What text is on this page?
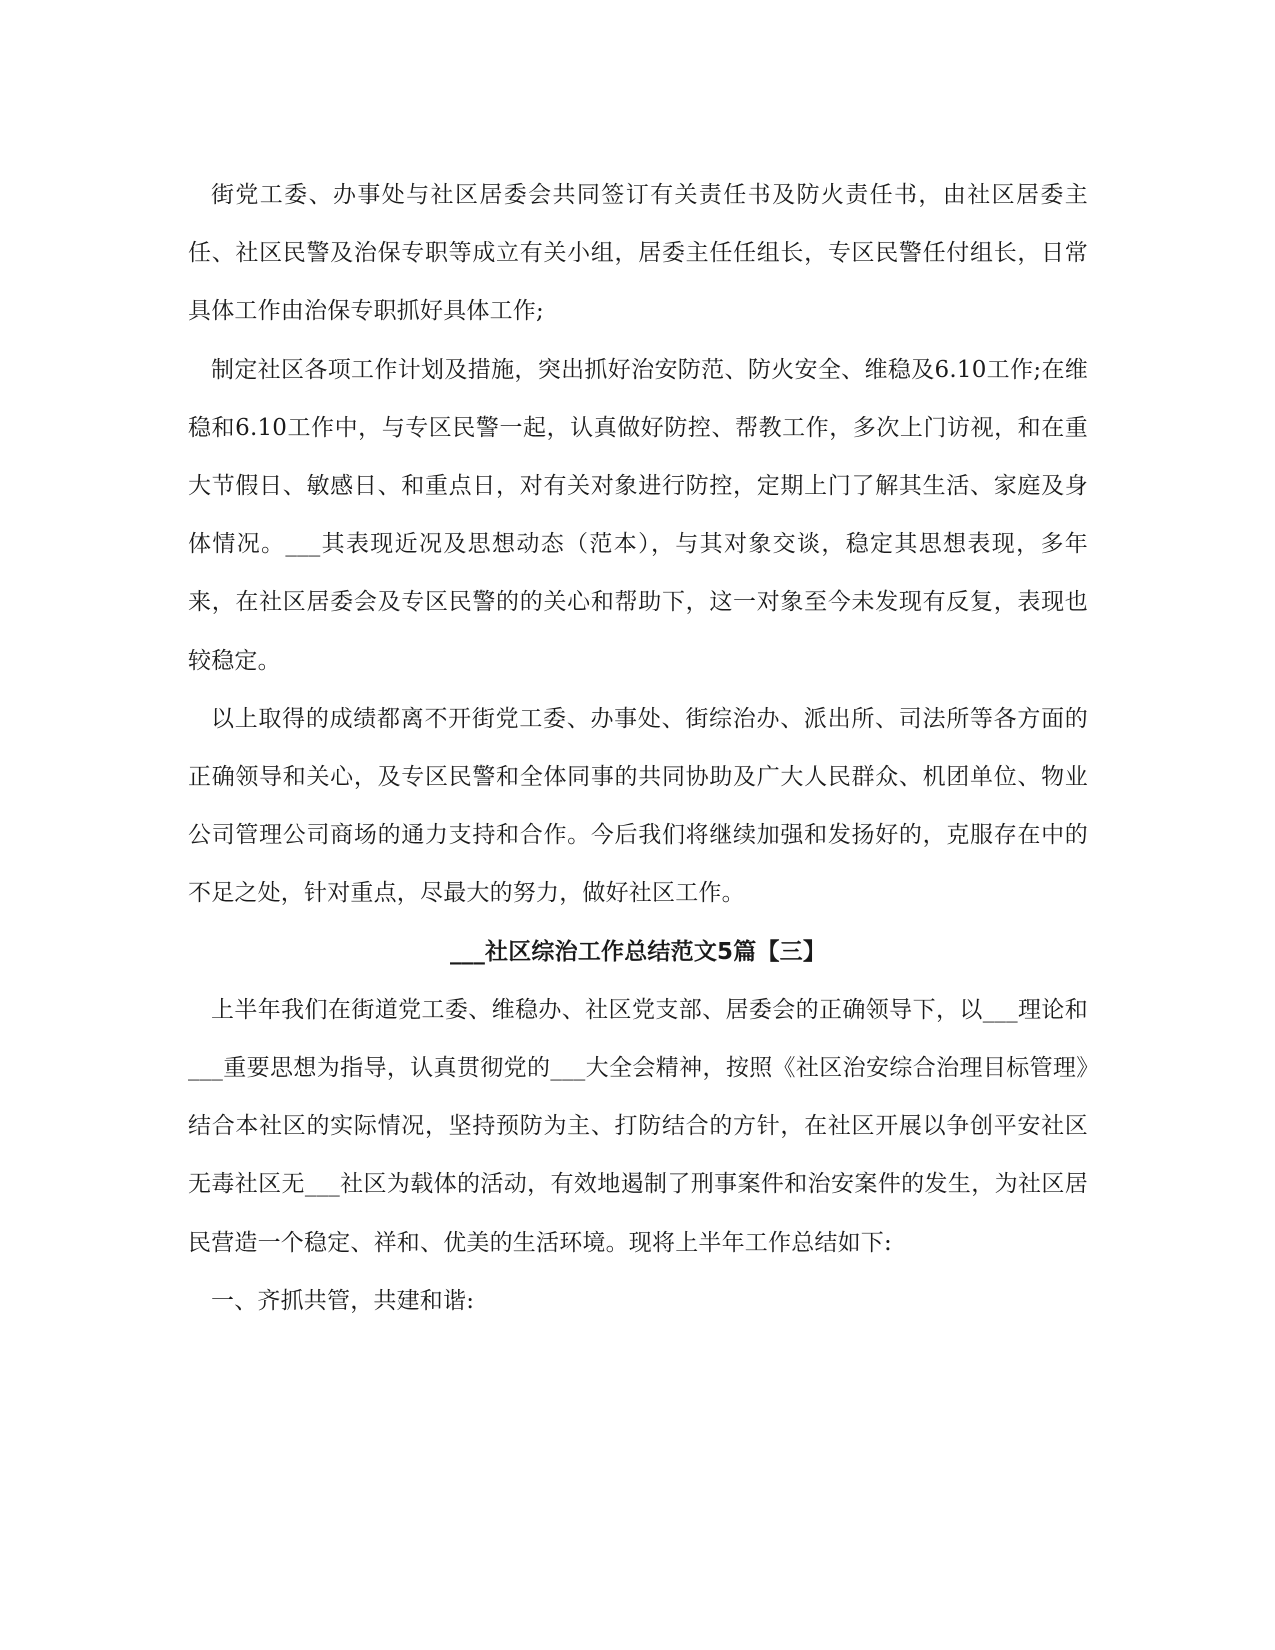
街党工委、办事处与社区居委会共同签订有关责任书及防火责任书，由社区居委主任、社区民警及治保专职等成立有关小组，居委主任任组长，专区民警任付组长，日常具体工作由治保专职抓好具体工作;

制定社区各项工作计划及措施，突出抓好治安防范、防火安全、维稳及6.10工作;在维稳和6.10工作中，与专区民警一起，认真做好防控、帮教工作，多次上门访视，和在重大节假日、敏感日、和重点日，对有关对象进行防控，定期上门了解其生活、家庭及身体情况。___其表现近况及思想动态（范本），与其对象交谈，稳定其思想表现，多年来，在社区居委会及专区民警的的关心和帮助下，这一对象至今未发现有反复，表现也较稳定。

以上取得的成绩都离不开街党工委、办事处、街综治办、派出所、司法所等各方面的正确领导和关心，及专区民警和全体同事的共同协助及广大人民群众、机团单位、物业公司管理公司商场的通力支持和合作。今后我们将继续加强和发扬好的，克服存在中的不足之处，针对重点，尽最大的努力，做好社区工作。

___社区综治工作总结范文5篇【三】

上半年我们在街道党工委、维稳办、社区党支部、居委会的正确领导下，以___理论和___重要思想为指导，认真贯彻党的___大全会精神，按照《社区治安综合治理目标管理》结合本社区的实际情况，坚持预防为主、打防结合的方针，在社区开展以争创平安社区无毒社区无___社区为载体的活动，有效地遏制了刑事案件和治安案件的发生，为社区居民营造一个稳定、祥和、优美的生活环境。现将上半年工作总结如下:

一、齐抓共管，共建和谐:
